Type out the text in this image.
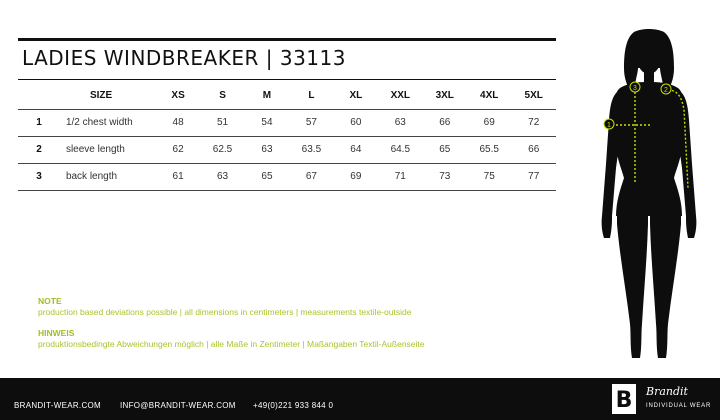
LADIES WINDBREAKER | 33113
	SIZE	XS	S	M	L	XL	XXL	3XL	4XL	5XL
1	1/2 chest width	48	51	54	57	60	63	66	69	72
2	sleeve length	62	62.5	63	63.5	64	64.5	65	65.5	66
3	back length	61	63	65	67	69	71	73	75	77
NOTE
production based deviations possible | all dimensions in centimeters | measurements textile-outside
HINWEIS
produktionsbedingte Abweichungen möglich | alle Maße in Zentimeter | Maßangaben Textil-Außenseite
1
2
3
BRANDIT-WEAR.COM INFO@BRANDIT-WEAR.COM +49(0)221 933 844 0	B Brandit
INDIVIDUAL WEAR
